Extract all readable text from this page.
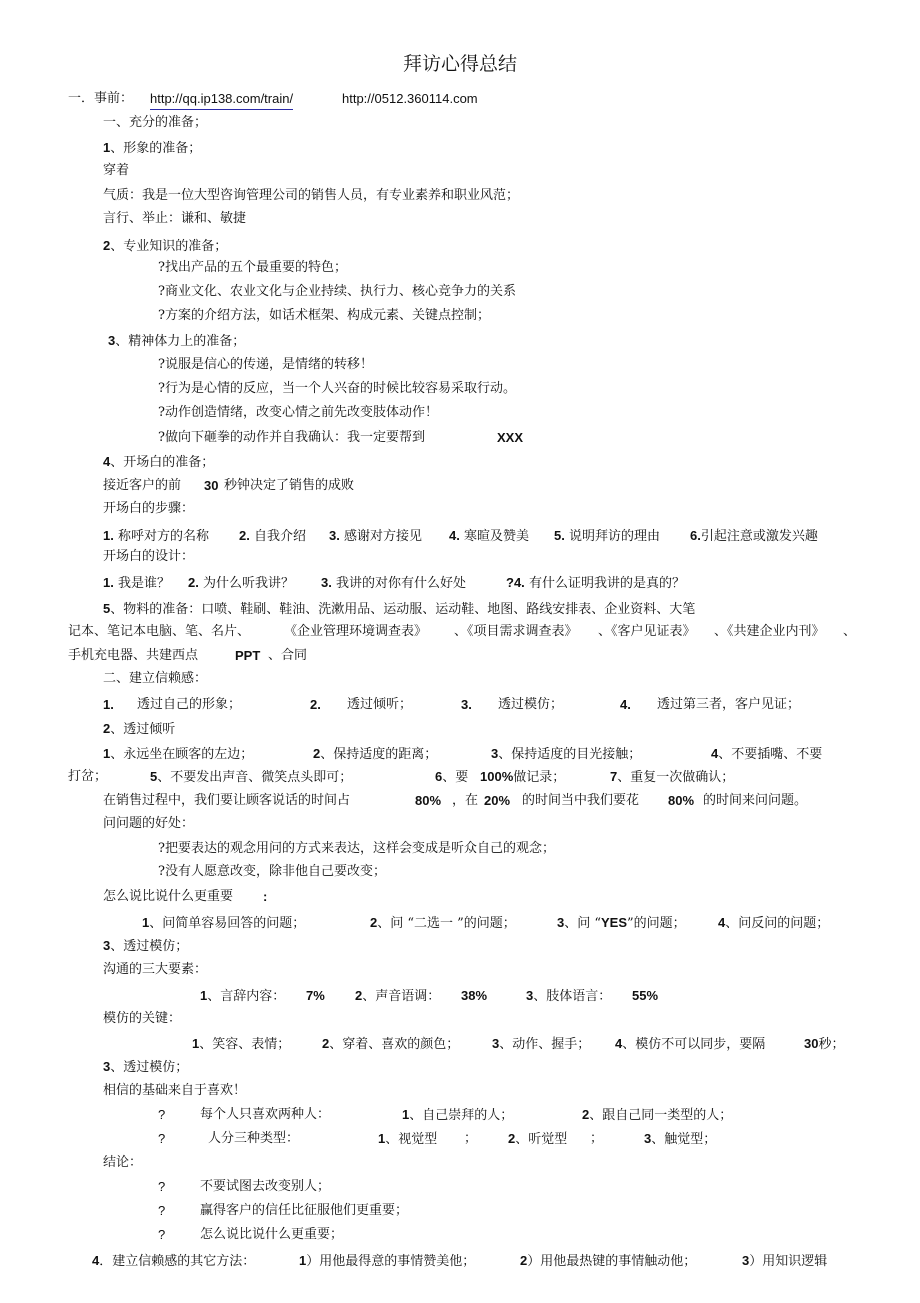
拜访心得总结
一．事前： http://qq.ip138.com/train/	http://0512.360114.com
一、充分的准备；
1、形象的准备；
穿着
气质：我是一位大型咨询管理公司的销售人员，有专业素养和职业风范；
言行、举止：谦和、敏捷
2、专业知识的准备；
?找出产品的五个最重要的特色；
?商业文化、农业文化与企业持续、执行力、核心竞争力的关系
?方案的介绍方法，如话术框架、构成元素、关键点控制；
3、精神体力上的准备；
?说服是信心的传递，是情绪的转移！
?行为是心情的反应，当一个人兴奋的时候比较容易采取行动。
?动作创造情绪，改变心情之前先改变肢体动作！
?做向下砸拳的动作并自我确认：我一定要帮到	XXX
4、开场白的准备；
接近客户的前 30 秒钟决定了销售的成败
开场白的步骤：
1. 称呼对方的名称 2. 自我介绍 3. 感谢对方接见 4. 寒暄及赞美 5. 说明拜访的理由 6.引起注意或激发兴趣
开场白的设计：
1. 我是谁？ 2. 为什么听我讲？ 3. 我讲的对你有什么好处	?4. 有什么证明我讲的是真的？
5、物料的准备：口喷、鞋刷、鞋油、洗漱用品、运动服、运动鞋、地图、路线安排表、企业资料、大笔
记本、笔记本电脑、笔、名片、	《企业管理环境调查表》 、《项目需求调查表》 、《客户见证表》 、《共建企业内刊》 、
手机充电器、共建西点	PPT 、合同
二、建立信赖感：
1. 透过自己的形象；	2. 透过倾听；	3. 透过模仿；	4. 透过第三者，客户见证；
2、透过倾听
1、永远坐在顾客的左边；	2、保持适度的距离；	3、保持适度的目光接触；	4、不要插嘴、不要
打岔；	5、不要发出声音、微笑点头即可；	6、要 100%做记录；	7、重复一次做确认；
在销售过程中，我们要让顾客说话的时间占	80% ，在 20% 的时间当中我们要花 80% 的时间来问问题。
问问题的好处：
?把要表达的观念用问的方式来表达，这样会变成是听众自己的观念；
?没有人愿意改变，除非他自己要改变；
怎么说比说什么更重要 :
1、问简单容易回答的问题；	2、问 “二选一 ”的问题；	3、问 “YES”的问题； 4、问反问的问题；
3、透过模仿；
沟通的三大要素：
1、言辞内容： 7% 2、声音语调： 38%	3、肢体语言： 55%
模仿的关键：
1、笑容、表情； 2、穿着、喜欢的颜色；	3、动作、握手； 4、模仿不可以同步，要隔	30秒；
3、透过模仿；
相信的基础来自于喜欢！
?	每个人只喜欢两种人：	1、自己崇拜的人；	2、跟自己同一类型的人；
?	人分三种类型：	1、视觉型 ； 2、听觉型 ；	3、触觉型；
结论：
?	不要试图去改变别人；
?	赢得客户的信任比征服他们更重要；
?	怎么说比说什么更重要；
4．建立信赖感的其它方法：	1）用他最得意的事情赞美他；	2）用他最热键的事情触动他；	3）用知识逻辑
